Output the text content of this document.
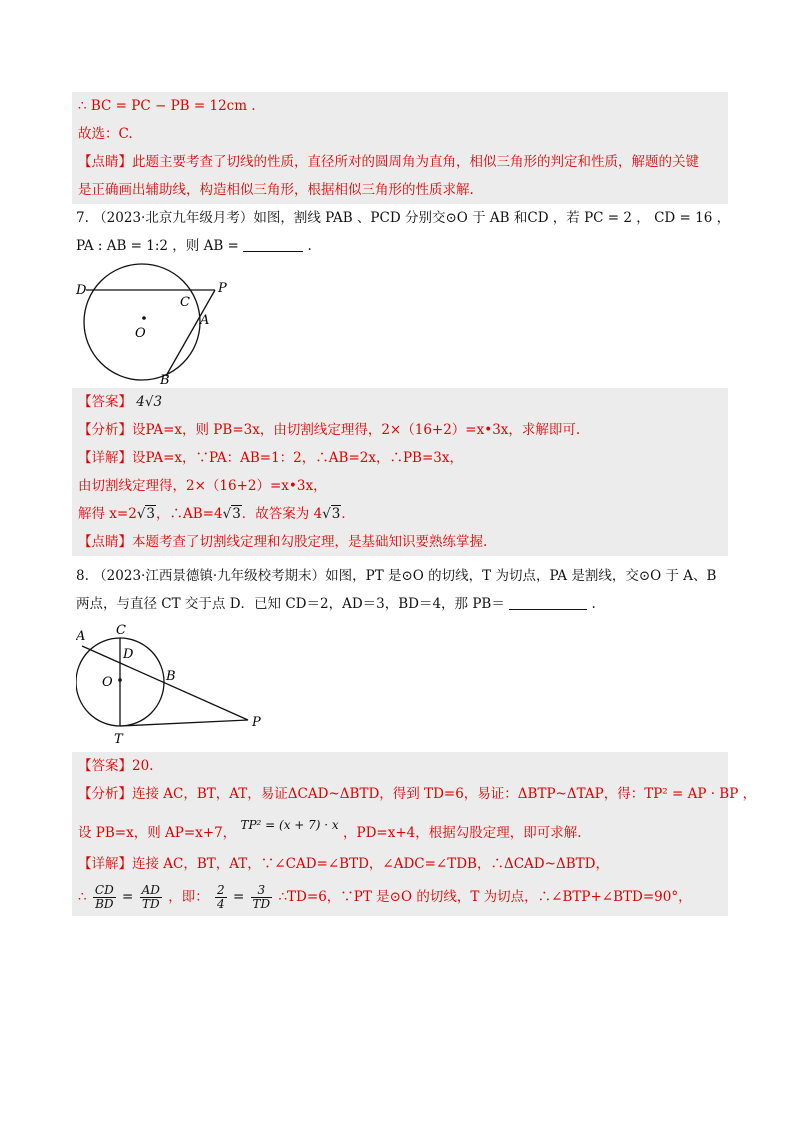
∴ BC = PC − PB = 12cm .
故选：C.
【点睛】此题主要考查了切线的性质，直径所对的圆周角为直角，相似三角形的判定和性质，解题的关键
是正确画出辅助线，构造相似三角形，根据相似三角形的性质求解.
7. （2023·北京九年级月考）如图，割线 PAB 、PCD 分别交⊙O 于 AB 和CD ，若 PC = 2 ， CD = 16 ，
PA : AB = 1:2 ，则 AB =	.
D
C
P
A
O
B
【答案】 4√3
【分析】设PA=x，则 PB=3x，由切割线定理得，2×（16+2）=x•3x，求解即可.
【详解】设PA=x，∵PA：AB=1：2，∴AB=2x，∴PB=3x，
由切割线定理得，2×（16+2）=x•3x，
解得 x=2√3，∴AB=4√3．故答案为 4√3．
【点睛】本题考查了切割线定理和勾股定理，是基础知识要熟练掌握.
8. （2023·江西景德镇·九年级校考期末）如图，PT 是⊙O 的切线，T 为切点，PA 是割线，交⊙O 于 A、B
两点，与直径 CT 交于点 D．已知 CD＝2，AD＝3，BD＝4，那 PB＝	.
A C
D
B
O
T
P
【答案】20.
【分析】连接 AC，BT，AT，易证ΔCAD~ΔBTD，得到 TD=6，易证：ΔBTP~ΔTAP，得：TP² = AP · BP ，
设 PB=x，则 AP=x+7， TP² = (x + 7) · x ，PD=x+4，根据勾股定理，即可求解.
【详解】连接 AC，BT，AT，∵∠CAD=∠BTD，∠ADC=∠TDB，∴ΔCAD~ΔBTD，
∴ $\frac{CD}{BD} = \frac{AD}{TD}$ ，即： $\frac{2}{4} = \frac{3}{TD}$ ∴TD=6，∵PT 是⊙O 的切线，T 为切点，∴∠BTP+∠BTD=90°，
